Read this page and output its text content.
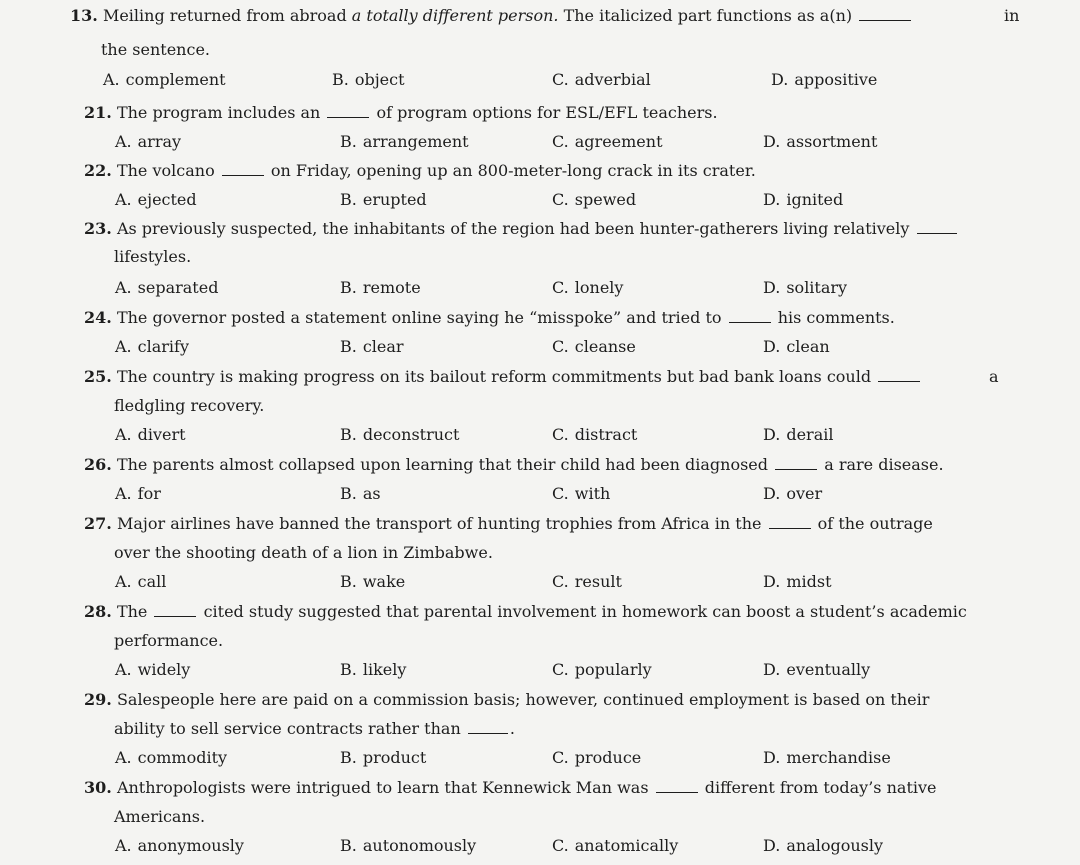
13. Meiling returned from abroad a totally different person. The italicized part functions as a(n)	in
the sentence.
A. complement	B. object	C. adverbial	D. appositive
21. The program includes an	of program options for ESL/EFL teachers.
A. array	B. arrangement	C. agreement	D. assortment
22. The volcano	on Friday, opening up an 800-meter-long crack in its crater.
A. ejected	B. erupted	C. spewed	D. ignited
23. As previously suspected, the inhabitants of the region had been hunter-gatherers living relatively
lifestyles.
A. separated	B. remote	C. lonely	D. solitary
24. The governor posted a statement online saying he “misspoke” and tried to	his comments.
A. clarify	B. clear	C. cleanse	D. clean
25. The country is making progress on its bailout reform commitments but bad bank loans could	a
fledgling recovery.
A. divert	B. deconstruct	C. distract	D. derail
26. The parents almost collapsed upon learning that their child had been diagnosed	a rare disease.
A. for	B. as	C. with	D. over
27. Major airlines have banned the transport of hunting trophies from Africa in the	of the outrage
over the shooting death of a lion in Zimbabwe.
A. call	B. wake	C. result	D. midst
28. The	cited study suggested that parental involvement in homework can boost a student’s academic
performance.
A. widely	B. likely	C. popularly	D. eventually
29. Salespeople here are paid on a commission basis; however, continued employment is based on their
ability to sell service contracts rather than	.
A. commodity	B. product	C. produce	D. merchandise
30. Anthropologists were intrigued to learn that Kennewick Man was	different from today’s native
Americans.
A. anonymously	B. autonomously	C. anatomically	D. analogously
